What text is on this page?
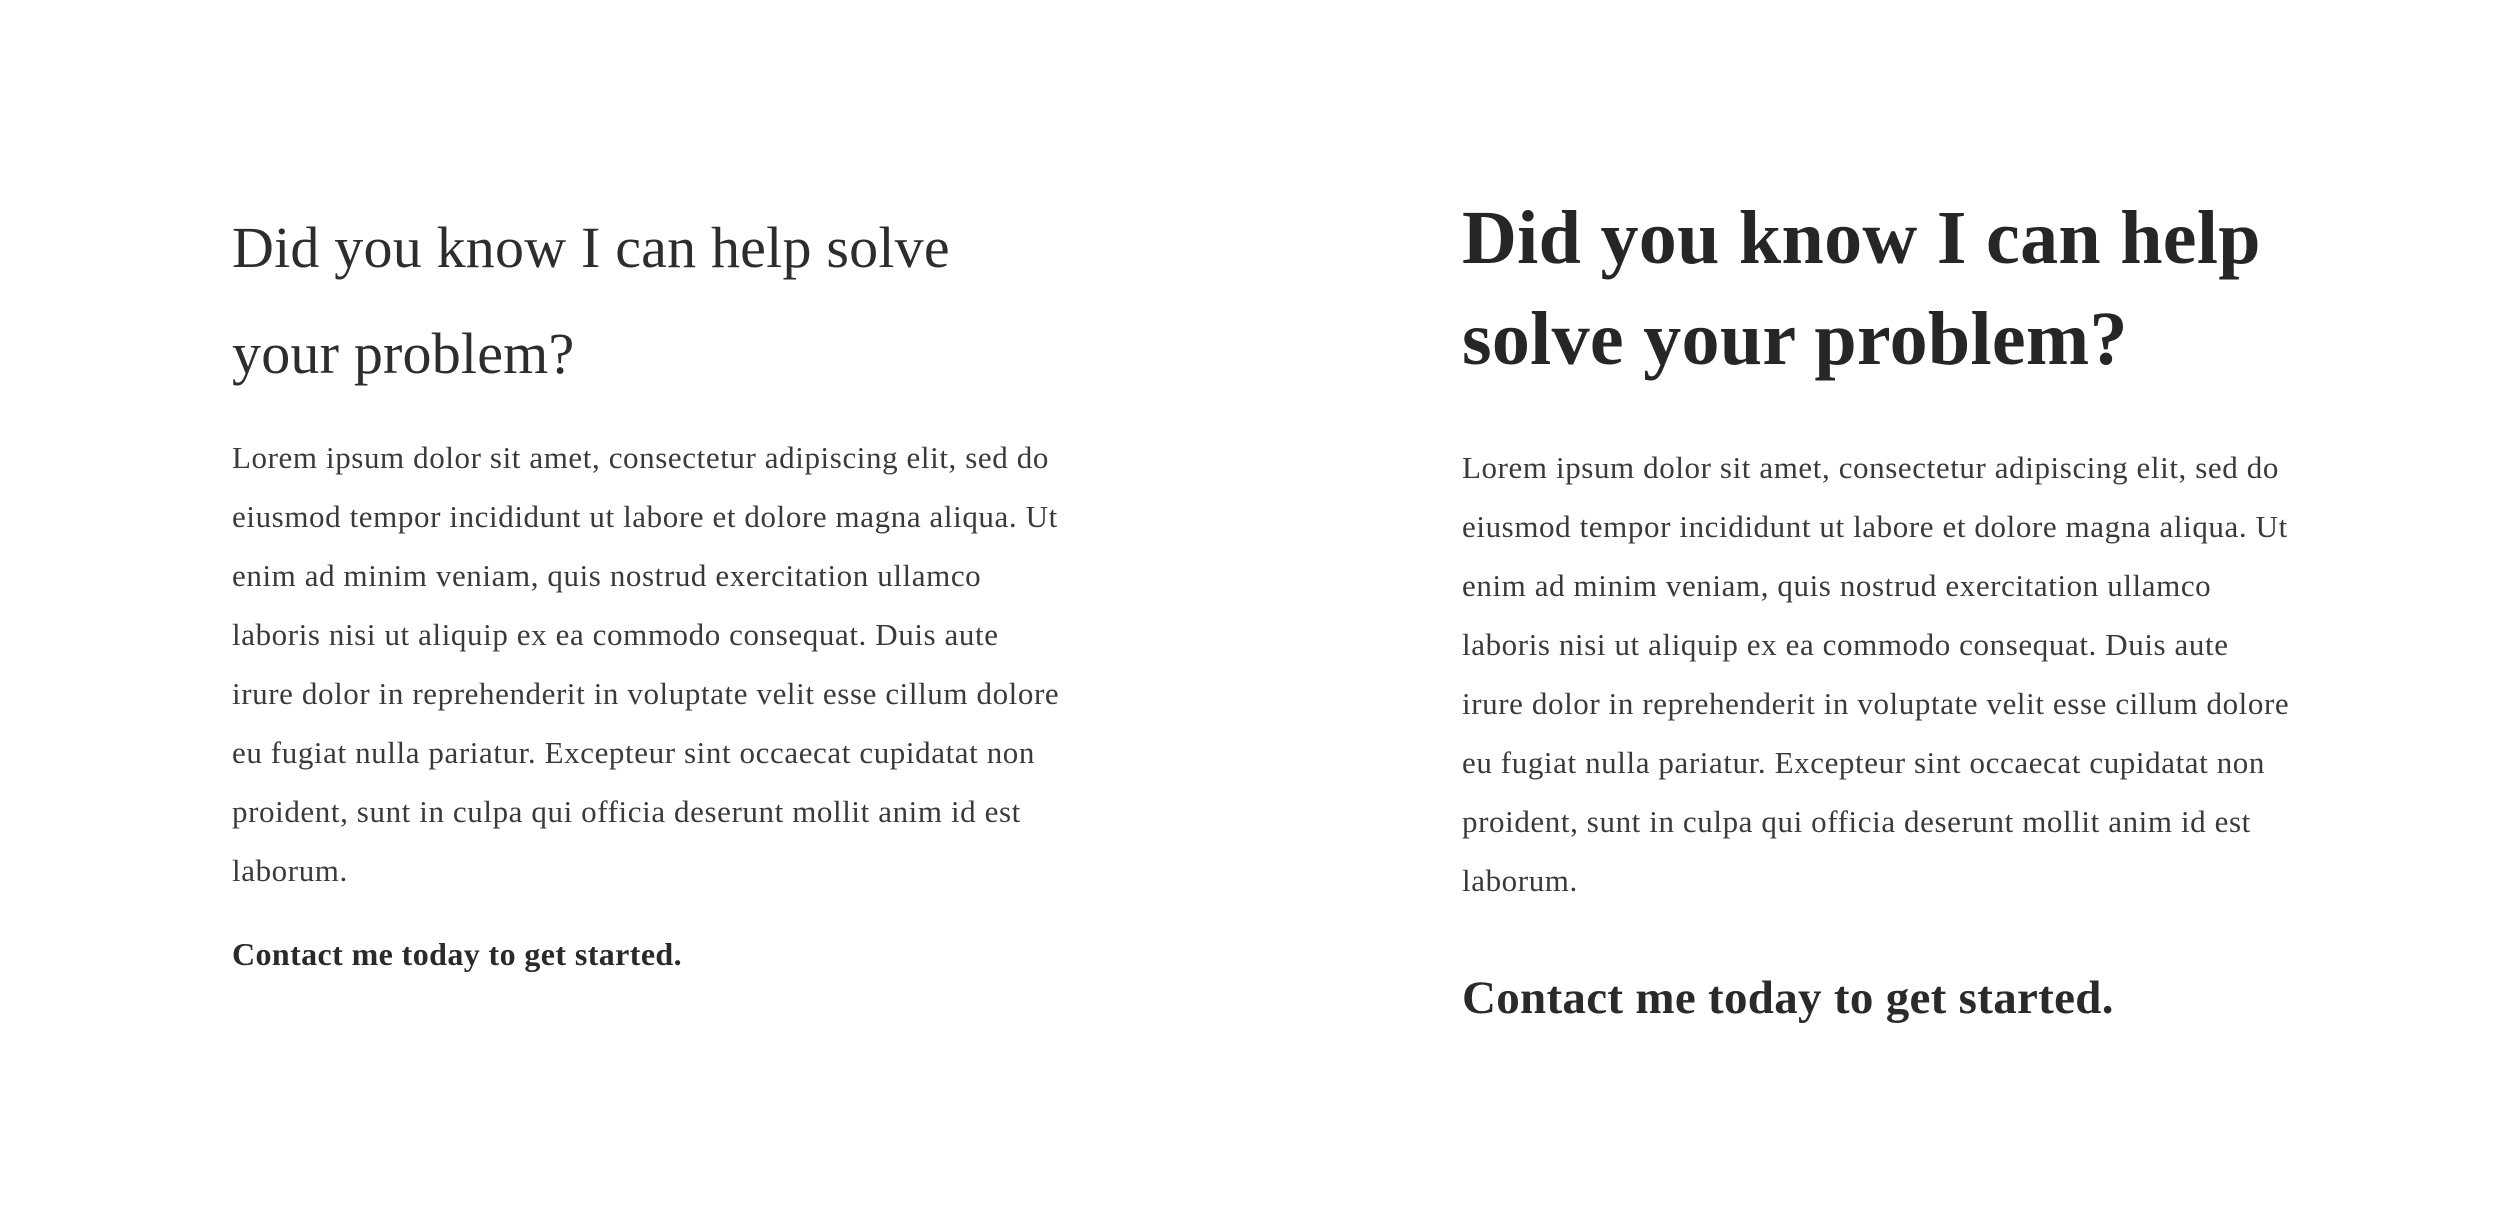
Did you know I can help solve your problem?

Lorem ipsum dolor sit amet, consectetur adipiscing elit, sed do eiusmod tempor incididunt ut labore et dolore magna aliqua. Ut enim ad minim veniam, quis nostrud exercitation ullamco laboris nisi ut aliquip ex ea commodo consequat. Duis aute irure dolor in reprehenderit in voluptate velit esse cillum dolore eu fugiat nulla pariatur. Excepteur sint occaecat cupidatat non proident, sunt in culpa qui officia deserunt mollit anim id est laborum.

Contact me today to get started.

Did you know I can help solve your problem?

Lorem ipsum dolor sit amet, consectetur adipiscing elit, sed do eiusmod tempor incididunt ut labore et dolore magna aliqua. Ut enim ad minim veniam, quis nostrud exercitation ullamco laboris nisi ut aliquip ex ea commodo consequat. Duis aute irure dolor in reprehenderit in voluptate velit esse cillum dolore eu fugiat nulla pariatur. Excepteur sint occaecat cupidatat non proident, sunt in culpa qui officia deserunt mollit anim id est laborum.

Contact me today to get started.
